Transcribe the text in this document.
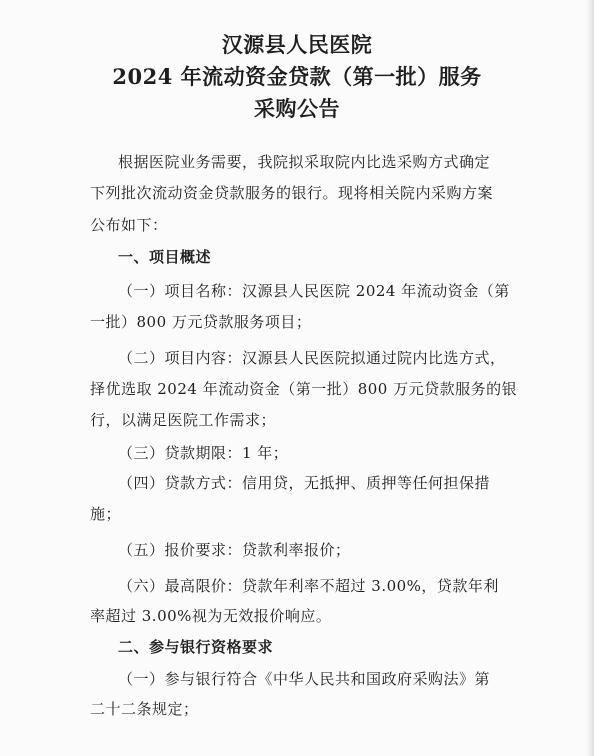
汉源县人民医院
2024 年流动资金贷款（第一批）服务
采购公告
根据医院业务需要，我院拟采取院内比选采购方式确定
下列批次流动资金贷款服务的银行。现将相关院内采购方案
公布如下：
一、项目概述
（一）项目名称：汉源县人民医院 2024 年流动资金（第
一批）800 万元贷款服务项目；
（二）项目内容：汉源县人民医院拟通过院内比选方式，
择优选取 2024 年流动资金（第一批）800 万元贷款服务的银
行，以满足医院工作需求；
（三）贷款期限：1 年；
（四）贷款方式：信用贷，无抵押、质押等任何担保措
施；
（五）报价要求：贷款利率报价；
（六）最高限价：贷款年利率不超过 3.00%，贷款年利
率超过 3.00%视为无效报价响应。
二、参与银行资格要求
（一）参与银行符合《中华人民共和国政府采购法》第
二十二条规定；
